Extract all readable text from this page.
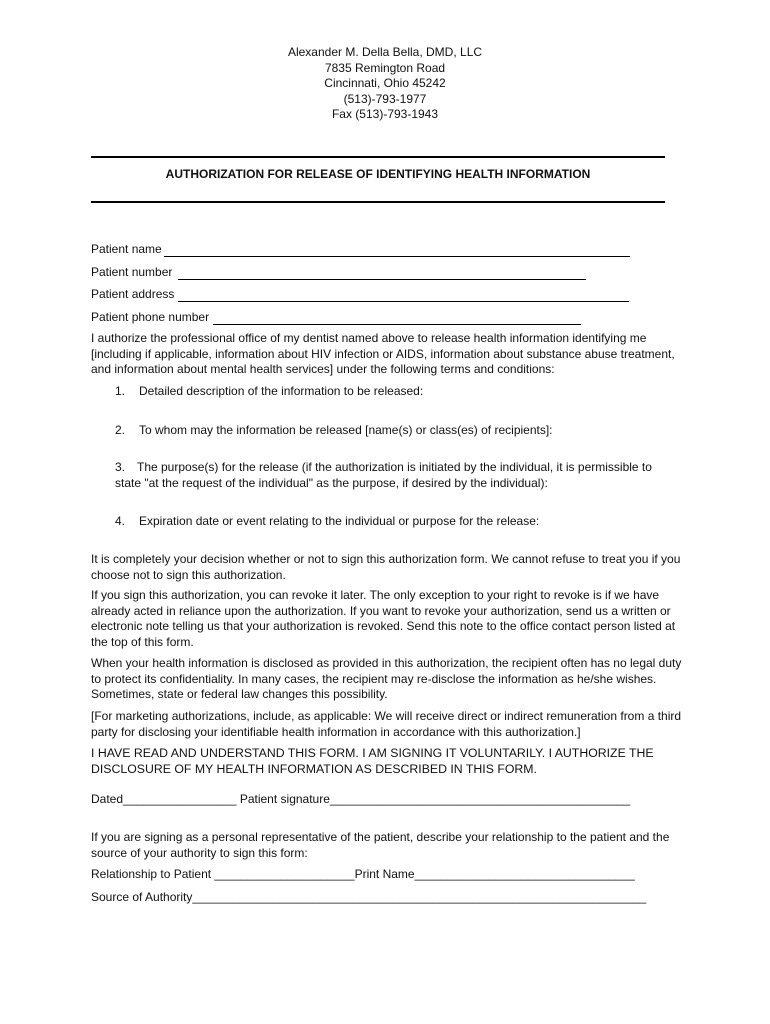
Alexander M. Della Bella, DMD, LLC
7835 Remington Road
Cincinnati, Ohio 45242
(513)-793-1977
Fax (513)-793-1943
AUTHORIZATION FOR RELEASE OF IDENTIFYING HEALTH INFORMATION
Patient name
Patient number
Patient address
Patient phone number
I authorize the professional office of my dentist named above to release health information identifying me [including if applicable, information about HIV infection or AIDS, information about substance abuse treatment, and information about mental health services] under the following terms and conditions:
1. Detailed description of the information to be released:
2. To whom may the information be released [name(s) or class(es) of recipients]:
3. The purpose(s) for the release (if the authorization is initiated by the individual, it is permissible to state "at the request of the individual" as the purpose, if desired by the individual):
4. Expiration date or event relating to the individual or purpose for the release:
It is completely your decision whether or not to sign this authorization form. We cannot refuse to treat you if you choose not to sign this authorization.
If you sign this authorization, you can revoke it later. The only exception to your right to revoke is if we have already acted in reliance upon the authorization. If you want to revoke your authorization, send us a written or electronic note telling us that your authorization is revoked. Send this note to the office contact person listed at the top of this form.
When your health information is disclosed as provided in this authorization, the recipient often has no legal duty to protect its confidentiality. In many cases, the recipient may re-disclose the information as he/she wishes. Sometimes, state or federal law changes this possibility.
[For marketing authorizations, include, as applicable: We will receive direct or indirect remuneration from a third party for disclosing your identifiable health information in accordance with this authorization.]
I HAVE READ AND UNDERSTAND THIS FORM. I AM SIGNING IT VOLUNTARILY. I AUTHORIZE THE DISCLOSURE OF MY HEALTH INFORMATION AS DESCRIBED IN THIS FORM.
Dated_________________ Patient signature_____________________________________________
If you are signing as a personal representative of the patient, describe your relationship to the patient and the source of your authority to sign this form:
Relationship to Patient _____________________Print Name_________________________________
Source of Authority____________________________________________________________________
